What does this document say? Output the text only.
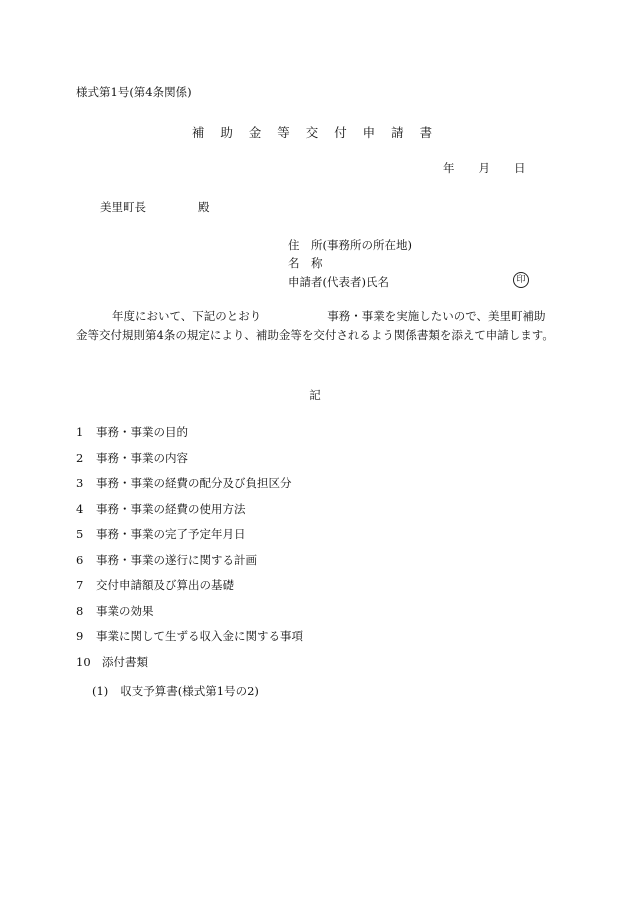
様式第1号(第4条関係)
補 助 金 等 交 付 申 請 書
年 月 日
美里町長	殿
住　所(事務所の所在地)
名　称
申請者(代表者)氏名	印
年度において、下記のとおり	事務・事業を実施したいので、美里町補助金等交付規則第4条の規定により、補助金等を交付されるよう関係書類を添えて申請します。
記
1 事務・事業の目的
2 事務・事業の内容
3 事務・事業の経費の配分及び負担区分
4 事務・事業の経費の使用方法
5 事務・事業の完了予定年月日
6 事務・事業の遂行に関する計画
7 交付申請額及び算出の基礎
8 事業の効果
9 事業に関して生ずる収入金に関する事項
10 添付書類
(1) 収支予算書(様式第1号の2)
